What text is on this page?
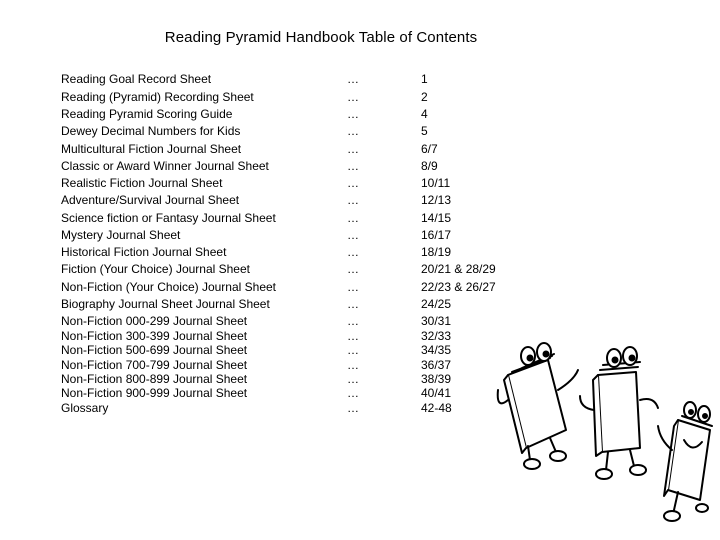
Reading Pyramid Handbook Table of Contents
Reading Goal Record Sheet	…	1
Reading (Pyramid) Recording Sheet	…	2
Reading Pyramid Scoring Guide	…	4
Dewey Decimal Numbers for Kids	…	5
Multicultural Fiction Journal Sheet	…	6/7
Classic or Award Winner Journal Sheet	…	8/9
Realistic Fiction Journal Sheet	…	10/11
Adventure/Survival Journal Sheet	…	12/13
Science fiction or Fantasy Journal Sheet	…	14/15
Mystery Journal Sheet	…	16/17
Historical Fiction Journal Sheet	…	18/19
Fiction (Your Choice) Journal Sheet	…	20/21 & 28/29
Non-Fiction (Your Choice) Journal Sheet	…	22/23 & 26/27
Biography Journal Sheet Journal Sheet	…	24/25
Non-Fiction 000-299 Journal Sheet	…	30/31
Non-Fiction 300-399 Journal Sheet	…	32/33
Non-Fiction 500-699 Journal Sheet	…	34/35
Non-Fiction 700-799 Journal Sheet	…	36/37
Non-Fiction 800-899 Journal Sheet	…	38/39
Non-Fiction 900-999 Journal Sheet	…	40/41
Glossary	…	42-48
